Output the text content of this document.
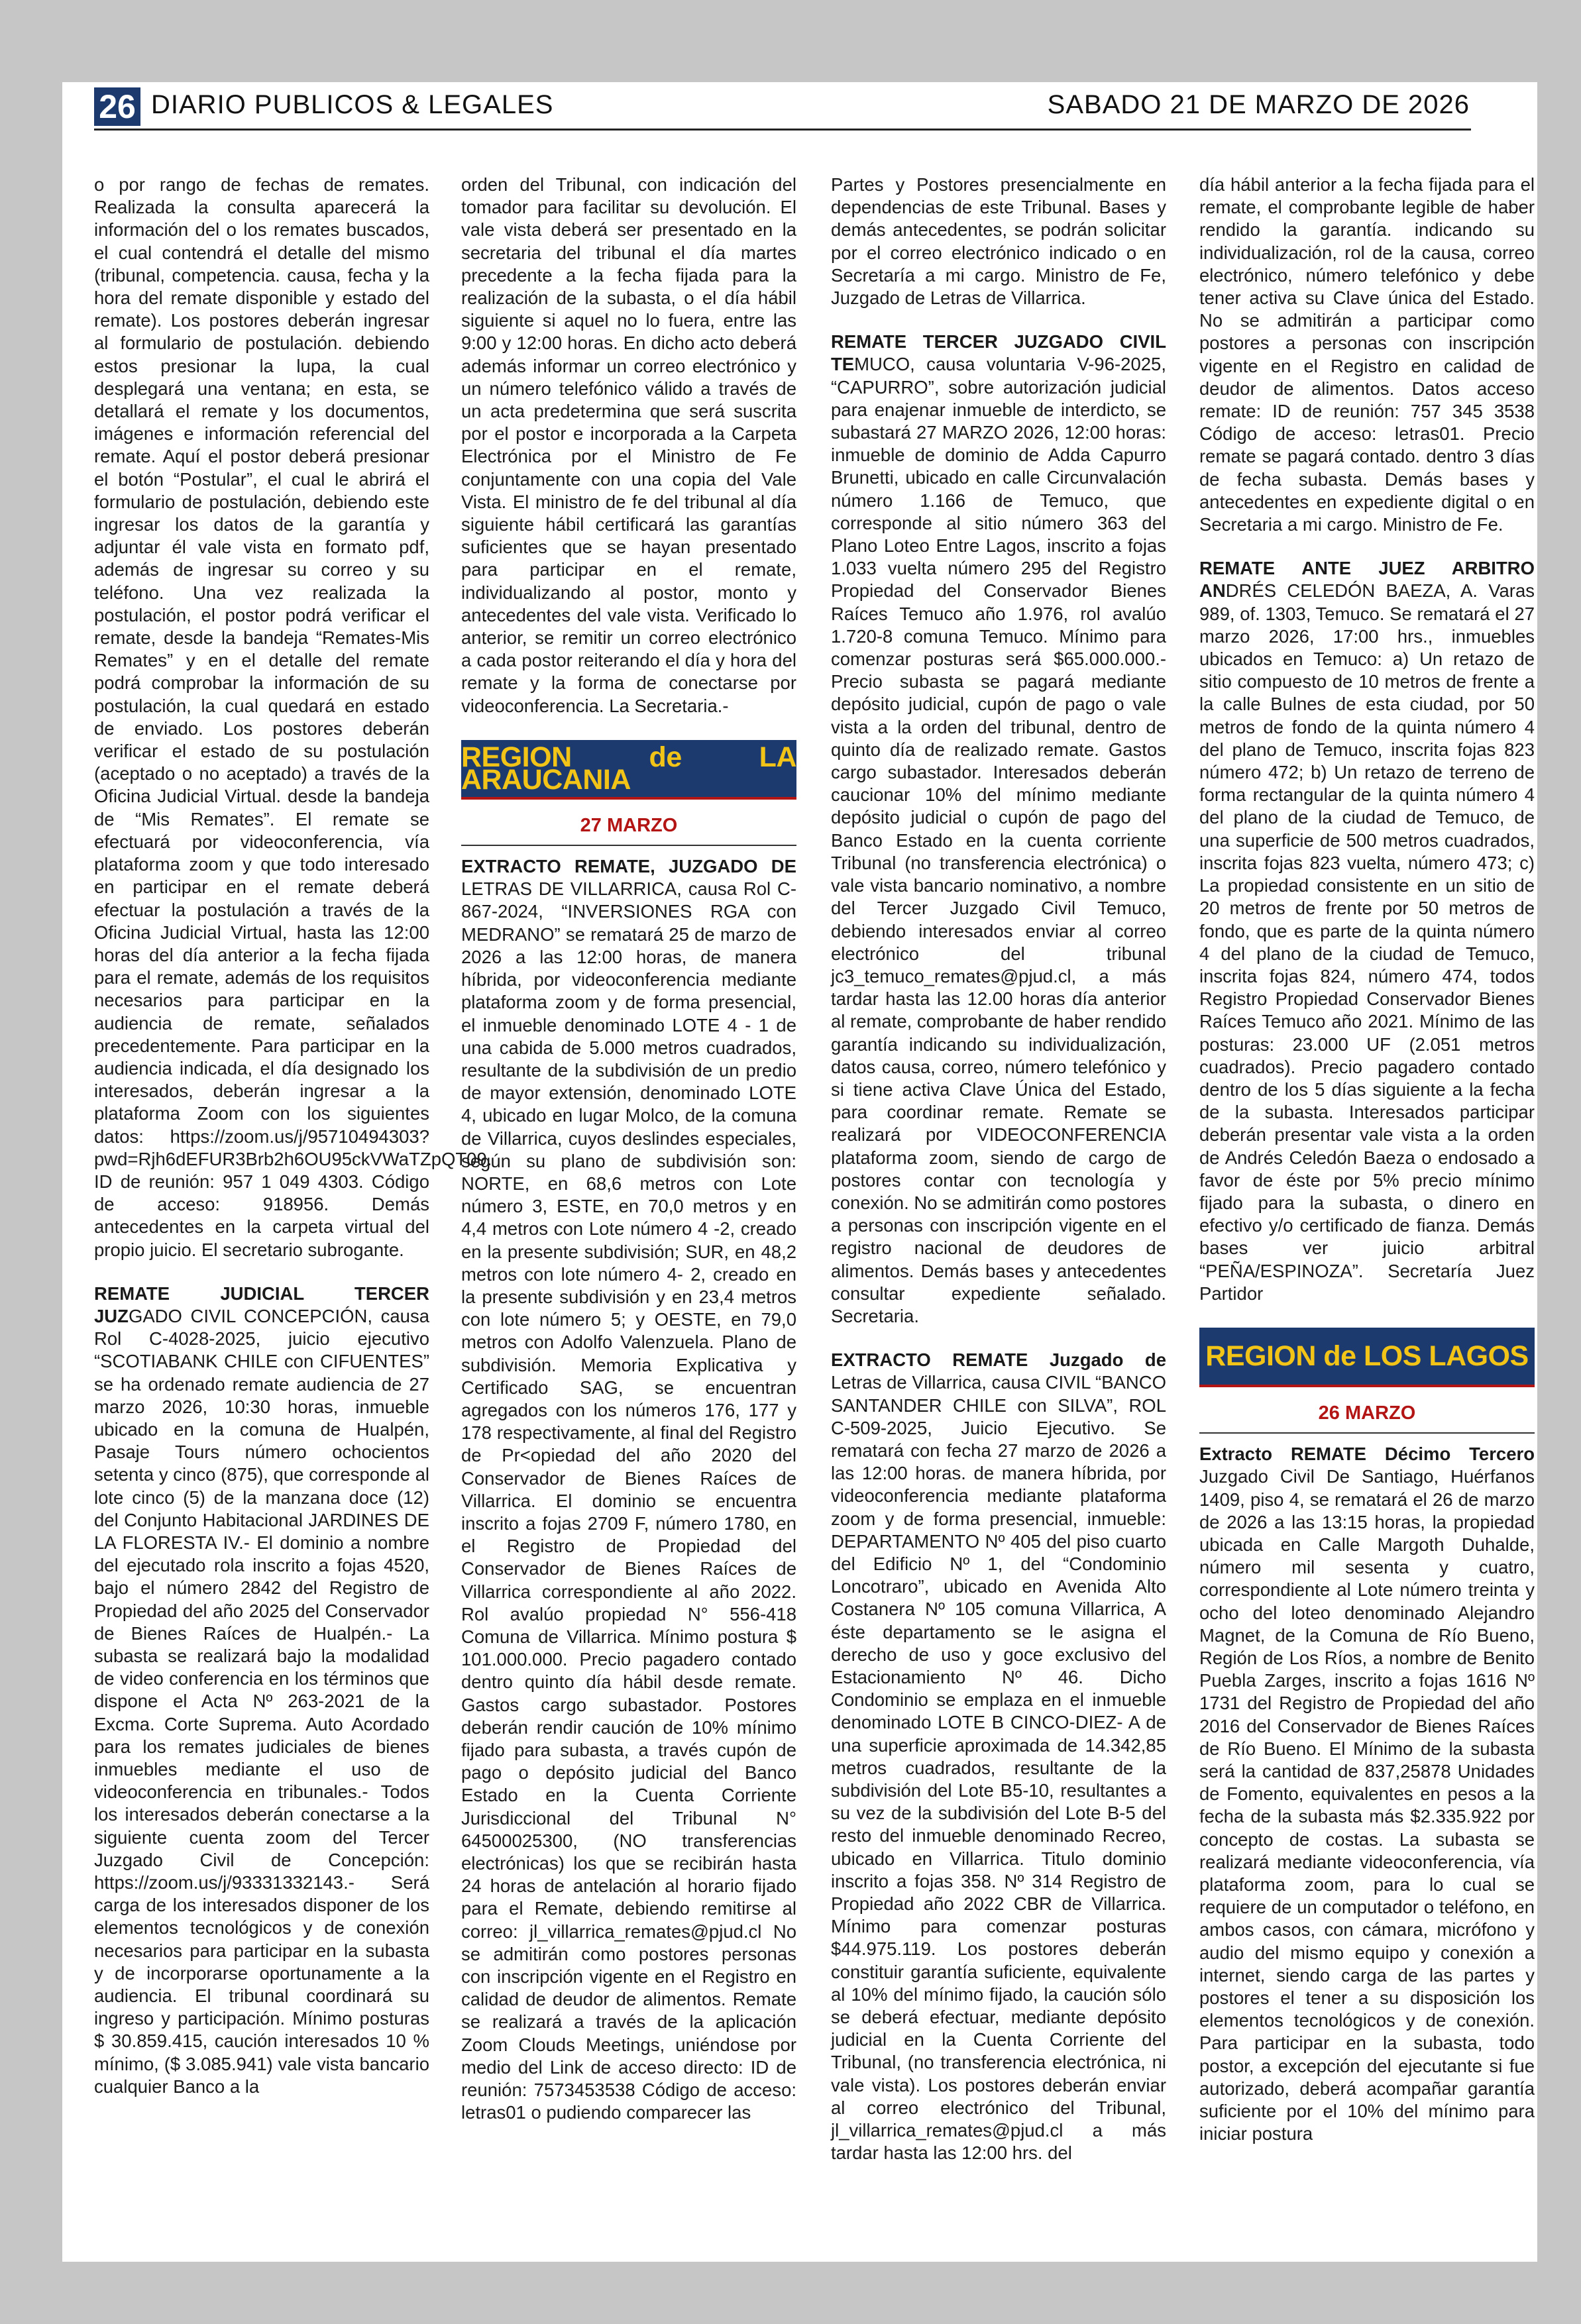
26 DIARIO PUBLICOS & LEGALES	SABADO 21 DE MARZO DE 2026

o por rango de fechas de remates. Realizada la consulta aparecerá la información del o los remates buscados, el cual contendrá el detalle del mismo (tribunal, competencia. causa, fecha y la hora del remate disponible y estado del remate). Los postores deberán ingresar al formulario de postulación. debiendo estos presionar la lupa, la cual desplegará una ventana; en esta, se detallará el remate y los documentos, imágenes e información referencial del remate. Aquí el postor deberá presionar el botón “Postular”, el cual le abrirá el formulario de postulación, debiendo este ingresar los datos de la garantía y adjuntar él vale vista en formato pdf, además de ingresar su correo y su teléfono. Una vez realizada la postulación, el postor podrá verificar el remate, desde la bandeja “Remates-Mis Remates” y en el detalle del remate podrá comprobar la información de su postulación, la cual quedará en estado de enviado. Los postores deberán verificar el estado de su postulación (aceptado o no aceptado) a través de la Oficina Judicial Virtual. desde la bandeja de “Mis Remates”. El remate se efectuará por videoconferencia, vía plataforma zoom y que todo interesado en participar en el remate deberá efectuar la postulación a través de la Oficina Judicial Virtual, hasta las 12:00 horas del día anterior a la fecha fijada para el remate, además de los requisitos necesarios para participar en la audiencia de remate, señalados precedentemente. Para participar en la audiencia indicada, el día designado los interesados, deberán ingresar a la plataforma Zoom con los siguientes datos: https://zoom.us/j/95710494303?pwd=Rjh6dEFUR3Brb2h6OU95ckVWaTZpQT09. ID de reunión: 957 1 049 4303. Código de acceso: 918956. Demás antecedentes en la carpeta virtual del propio juicio. El secretario subrogante.

REMATE JUDICIAL TERCER JUZGADO CIVIL CONCEPCIÓN, causa Rol C-4028-2025, juicio ejecutivo “SCOTIABANK CHILE con CIFUENTES” se ha ordenado remate audiencia de 27 marzo 2026, 10:30 horas, inmueble ubicado en la comuna de Hualpén, Pasaje Tours número ochocientos setenta y cinco (875), que corresponde al lote cinco (5) de la manzana doce (12) del Conjunto Habitacional JARDINES DE LA FLORESTA IV.- El dominio a nombre del ejecutado rola inscrito a fojas 4520, bajo el número 2842 del Registro de Propiedad del año 2025 del Conservador de Bienes Raíces de Hualpén.- La subasta se realizará bajo la modalidad de video conferencia en los términos que dispone el Acta Nº 263-2021 de la Excma. Corte Suprema. Auto Acordado para los remates judiciales de bienes inmuebles mediante el uso de videoconferencia en tribunales.- Todos los interesados deberán conectarse a la siguiente cuenta zoom del Tercer Juzgado Civil de Concepción: https://zoom.us/j/93331332143.- Será carga de los interesados disponer de los elementos tecnológicos y de conexión necesarios para participar en la subasta y de incorporarse oportunamente a la audiencia. El tribunal coordinará su ingreso y participación. Mínimo posturas $ 30.859.415, caución interesados 10 % mínimo, ($ 3.085.941) vale vista bancario cualquier Banco a la

orden del Tribunal, con indicación del tomador para facilitar su devolución. El vale vista deberá ser presentado en la secretaria del tribunal el día martes precedente a la fecha fijada para la realización de la subasta, o el día hábil siguiente si aquel no lo fuera, entre las 9:00 y 12:00 horas. En dicho acto deberá además informar un correo electrónico y un número telefónico válido a través de un acta predetermina que será suscrita por el postor e incorporada a la Carpeta Electrónica por el Ministro de Fe conjuntamente con una copia del Vale Vista. El ministro de fe del tribunal al día siguiente hábil certificará las garantías suficientes que se hayan presentado para participar en el remate, individualizando al postor, monto y antecedentes del vale vista. Verificado lo anterior, se remitir un correo electrónico a cada postor reiterando el día y hora del remate y la forma de conectarse por videoconferencia. La Secretaria.-

REGION de LA ARAUCANIA
27 MARZO

EXTRACTO REMATE, JUZGADO DE LETRAS DE VILLARRICA, causa Rol C-867-2024, “INVERSIONES RGA con MEDRANO” se rematará 25 de marzo de 2026 a las 12:00 horas, de manera híbrida, por videoconferencia mediante plataforma zoom y de forma presencial, el inmueble denominado LOTE 4 - 1 de una cabida de 5.000 metros cuadrados, resultante de la subdivisión de un predio de mayor extensión, denominado LOTE 4, ubicado en lugar Molco, de la comuna de Villarrica, cuyos deslindes especiales, según su plano de subdivisión son: NORTE, en 68,6 metros con Lote número 3, ESTE, en 70,0 metros y en 4,4 metros con Lote número 4 -2, creado en la presente subdivisión; SUR, en 48,2 metros con lote número 4- 2, creado en la presente subdivisión y en 23,4 metros con lote número 5; y OESTE, en 79,0 metros con Adolfo Valenzuela. Plano de subdivisión. Memoria Explicativa y Certificado SAG, se encuentran agregados con los números 176, 177 y 178 respectivamente, al final del Registro de Pr<opiedad del año 2020 del Conservador de Bienes Raíces de Villarrica. El dominio se encuentra inscrito a fojas 2709 F, número 1780, en el Registro de Propiedad del Conservador de Bienes Raíces de Villarrica correspondiente al año 2022. Rol avalúo propiedad N° 556-418 Comuna de Villarrica. Mínimo postura $ 101.000.000. Precio pagadero contado dentro quinto día hábil desde remate. Gastos cargo subastador. Postores deberán rendir caución de 10% mínimo fijado para subasta, a través cupón de pago o depósito judicial del Banco Estado en la Cuenta Corriente Jurisdiccional del Tribunal N° 64500025300, (NO transferencias electrónicas) los que se recibirán hasta 24 horas de antelación al horario fijado para el Remate, debiendo remitirse al correo: jl_villarrica_remates@pjud.cl No se admitirán como postores personas con inscripción vigente en el Registro en calidad de deudor de alimentos. Remate se realizará a través de la aplicación Zoom Clouds Meetings, uniéndose por medio del Link de acceso directo: ID de reunión: 7573453538 Código de acceso: letras01 o pudiendo comparecer las

Partes y Postores presencialmente en dependencias de este Tribunal. Bases y demás antecedentes, se podrán solicitar por el correo electrónico indicado o en Secretaría a mi cargo. Ministro de Fe, Juzgado de Letras de Villarrica.

REMATE TERCER JUZGADO CIVIL TEMUCO, causa voluntaria V-96-2025, “CAPURRO”, sobre autorización judicial para enajenar inmueble de interdicto, se subastará 27 MARZO 2026, 12:00 horas: inmueble de dominio de Adda Capurro Brunetti, ubicado en calle Circunvalación número 1.166 de Temuco, que corresponde al sitio número 363 del Plano Loteo Entre Lagos, inscrito a fojas 1.033 vuelta número 295 del Registro Propiedad del Conservador Bienes Raíces Temuco año 1.976, rol avalúo 1.720-8 comuna Temuco. Mínimo para comenzar posturas será $65.000.000.- Precio subasta se pagará mediante depósito judicial, cupón de pago o vale vista a la orden del tribunal, dentro de quinto día de realizado remate. Gastos cargo subastador. Interesados deberán caucionar 10% del mínimo mediante depósito judicial o cupón de pago del Banco Estado en la cuenta corriente Tribunal (no transferencia electrónica) o vale vista bancario nominativo, a nombre del Tercer Juzgado Civil Temuco, debiendo interesados enviar al correo electrónico del tribunal jc3_temuco_remates@pjud.cl, a más tardar hasta las 12.00 horas día anterior al remate, comprobante de haber rendido garantía indicando su individualización, datos causa, correo, número telefónico y si tiene activa Clave Única del Estado, para coordinar remate. Remate se realizará por VIDEOCONFERENCIA plataforma zoom, siendo de cargo de postores contar con tecnología y conexión. No se admitirán como postores a personas con inscripción vigente en el registro nacional de deudores de alimentos. Demás bases y antecedentes consultar expediente señalado. Secretaria.

EXTRACTO REMATE Juzgado de Letras de Villarrica, causa CIVIL “BANCO SANTANDER CHILE con SILVA”, ROL C-509-2025, Juicio Ejecutivo. Se rematará con fecha 27 marzo de 2026 a las 12:00 horas. de manera híbrida, por videoconferencia mediante plataforma zoom y de forma presencial, inmueble: DEPARTAMENTO Nº 405 del piso cuarto del Edificio Nº 1, del “Condominio Loncotraro”, ubicado en Avenida Alto Costanera Nº 105 comuna Villarrica, A éste departamento se le asigna el derecho de uso y goce exclusivo del Estacionamiento Nº 46. Dicho Condominio se emplaza en el inmueble denominado LOTE B CINCO-DIEZ- A de una superficie aproximada de 14.342,85 metros cuadrados, resultante de la subdivisión del Lote B5-10, resultantes a su vez de la subdivisión del Lote B-5 del resto del inmueble denominado Recreo, ubicado en Villarrica. Titulo dominio inscrito a fojas 358. Nº 314 Registro de Propiedad año 2022 CBR de Villarrica. Mínimo para comenzar posturas $44.975.119. Los postores deberán constituir garantía suficiente, equivalente al 10% del mínimo fijado, la caución sólo se deberá efectuar, mediante depósito judicial en la Cuenta Corriente del Tribunal, (no transferencia electrónica, ni vale vista). Los postores deberán enviar al correo electrónico del Tribunal, jl_villarrica_remates@pjud.cl a más tardar hasta las 12:00 hrs. del

día hábil anterior a la fecha fijada para el remate, el comprobante legible de haber rendido la garantía. indicando su individualización, rol de la causa, correo electrónico, número telefónico y debe tener activa su Clave única del Estado. No se admitirán a participar como postores a personas con inscripción vigente en el Registro en calidad de deudor de alimentos. Datos acceso remate: ID de reunión: 757 345 3538 Código de acceso: letras01. Precio remate se pagará contado. dentro 3 días de fecha subasta. Demás bases y antecedentes en expediente digital o en Secretaria a mi cargo. Ministro de Fe.

REMATE ANTE JUEZ ARBITRO ANDRÉS CELEDÓN BAEZA, A. Varas 989, of. 1303, Temuco. Se rematará el 27 marzo 2026, 17:00 hrs., inmuebles ubicados en Temuco: a) Un retazo de sitio compuesto de 10 metros de frente a la calle Bulnes de esta ciudad, por 50 metros de fondo de la quinta número 4 del plano de Temuco, inscrita fojas 823 número 472; b) Un retazo de terreno de forma rectangular de la quinta número 4 del plano de la ciudad de Temuco, de una superficie de 500 metros cuadrados, inscrita fojas 823 vuelta, número 473; c) La propiedad consistente en un sitio de 20 metros de frente por 50 metros de fondo, que es parte de la quinta número 4 del plano de la ciudad de Temuco, inscrita fojas 824, número 474, todos Registro Propiedad Conservador Bienes Raíces Temuco año 2021. Mínimo de las posturas: 23.000 UF (2.051 metros cuadrados). Precio pagadero contado dentro de los 5 días siguiente a la fecha de la subasta. Interesados participar deberán presentar vale vista a la orden de Andrés Celedón Baeza o endosado a favor de éste por 5% precio mínimo fijado para la subasta, o dinero en efectivo y/o certificado de fianza. Demás bases ver juicio arbitral “PEÑA/ESPINOZA”. Secretaría Juez Partidor

REGION de LOS LAGOS
26 MARZO

Extracto REMATE Décimo Tercero Juzgado Civil De Santiago, Huérfanos 1409, piso 4, se rematará el 26 de marzo de 2026 a las 13:15 horas, la propiedad ubicada en Calle Margoth Duhalde, número mil sesenta y cuatro, correspondiente al Lote número treinta y ocho del loteo denominado Alejandro Magnet, de la Comuna de Río Bueno, Región de Los Ríos, a nombre de Benito Puebla Zarges, inscrito a fojas 1616 Nº 1731 del Registro de Propiedad del año 2016 del Conservador de Bienes Raíces de Río Bueno. El Mínimo de la subasta será la cantidad de 837,25878 Unidades de Fomento, equivalentes en pesos a la fecha de la subasta más $2.335.922 por concepto de costas. La subasta se realizará mediante videoconferencia, vía plataforma zoom, para lo cual se requiere de un computador o teléfono, en ambos casos, con cámara, micrófono y audio del mismo equipo y conexión a internet, siendo carga de las partes y postores el tener a su disposición los elementos tecnológicos y de conexión. Para participar en la subasta, todo postor, a excepción del ejecutante si fue autorizado, deberá acompañar garantía suficiente por el 10% del mínimo para iniciar postura
